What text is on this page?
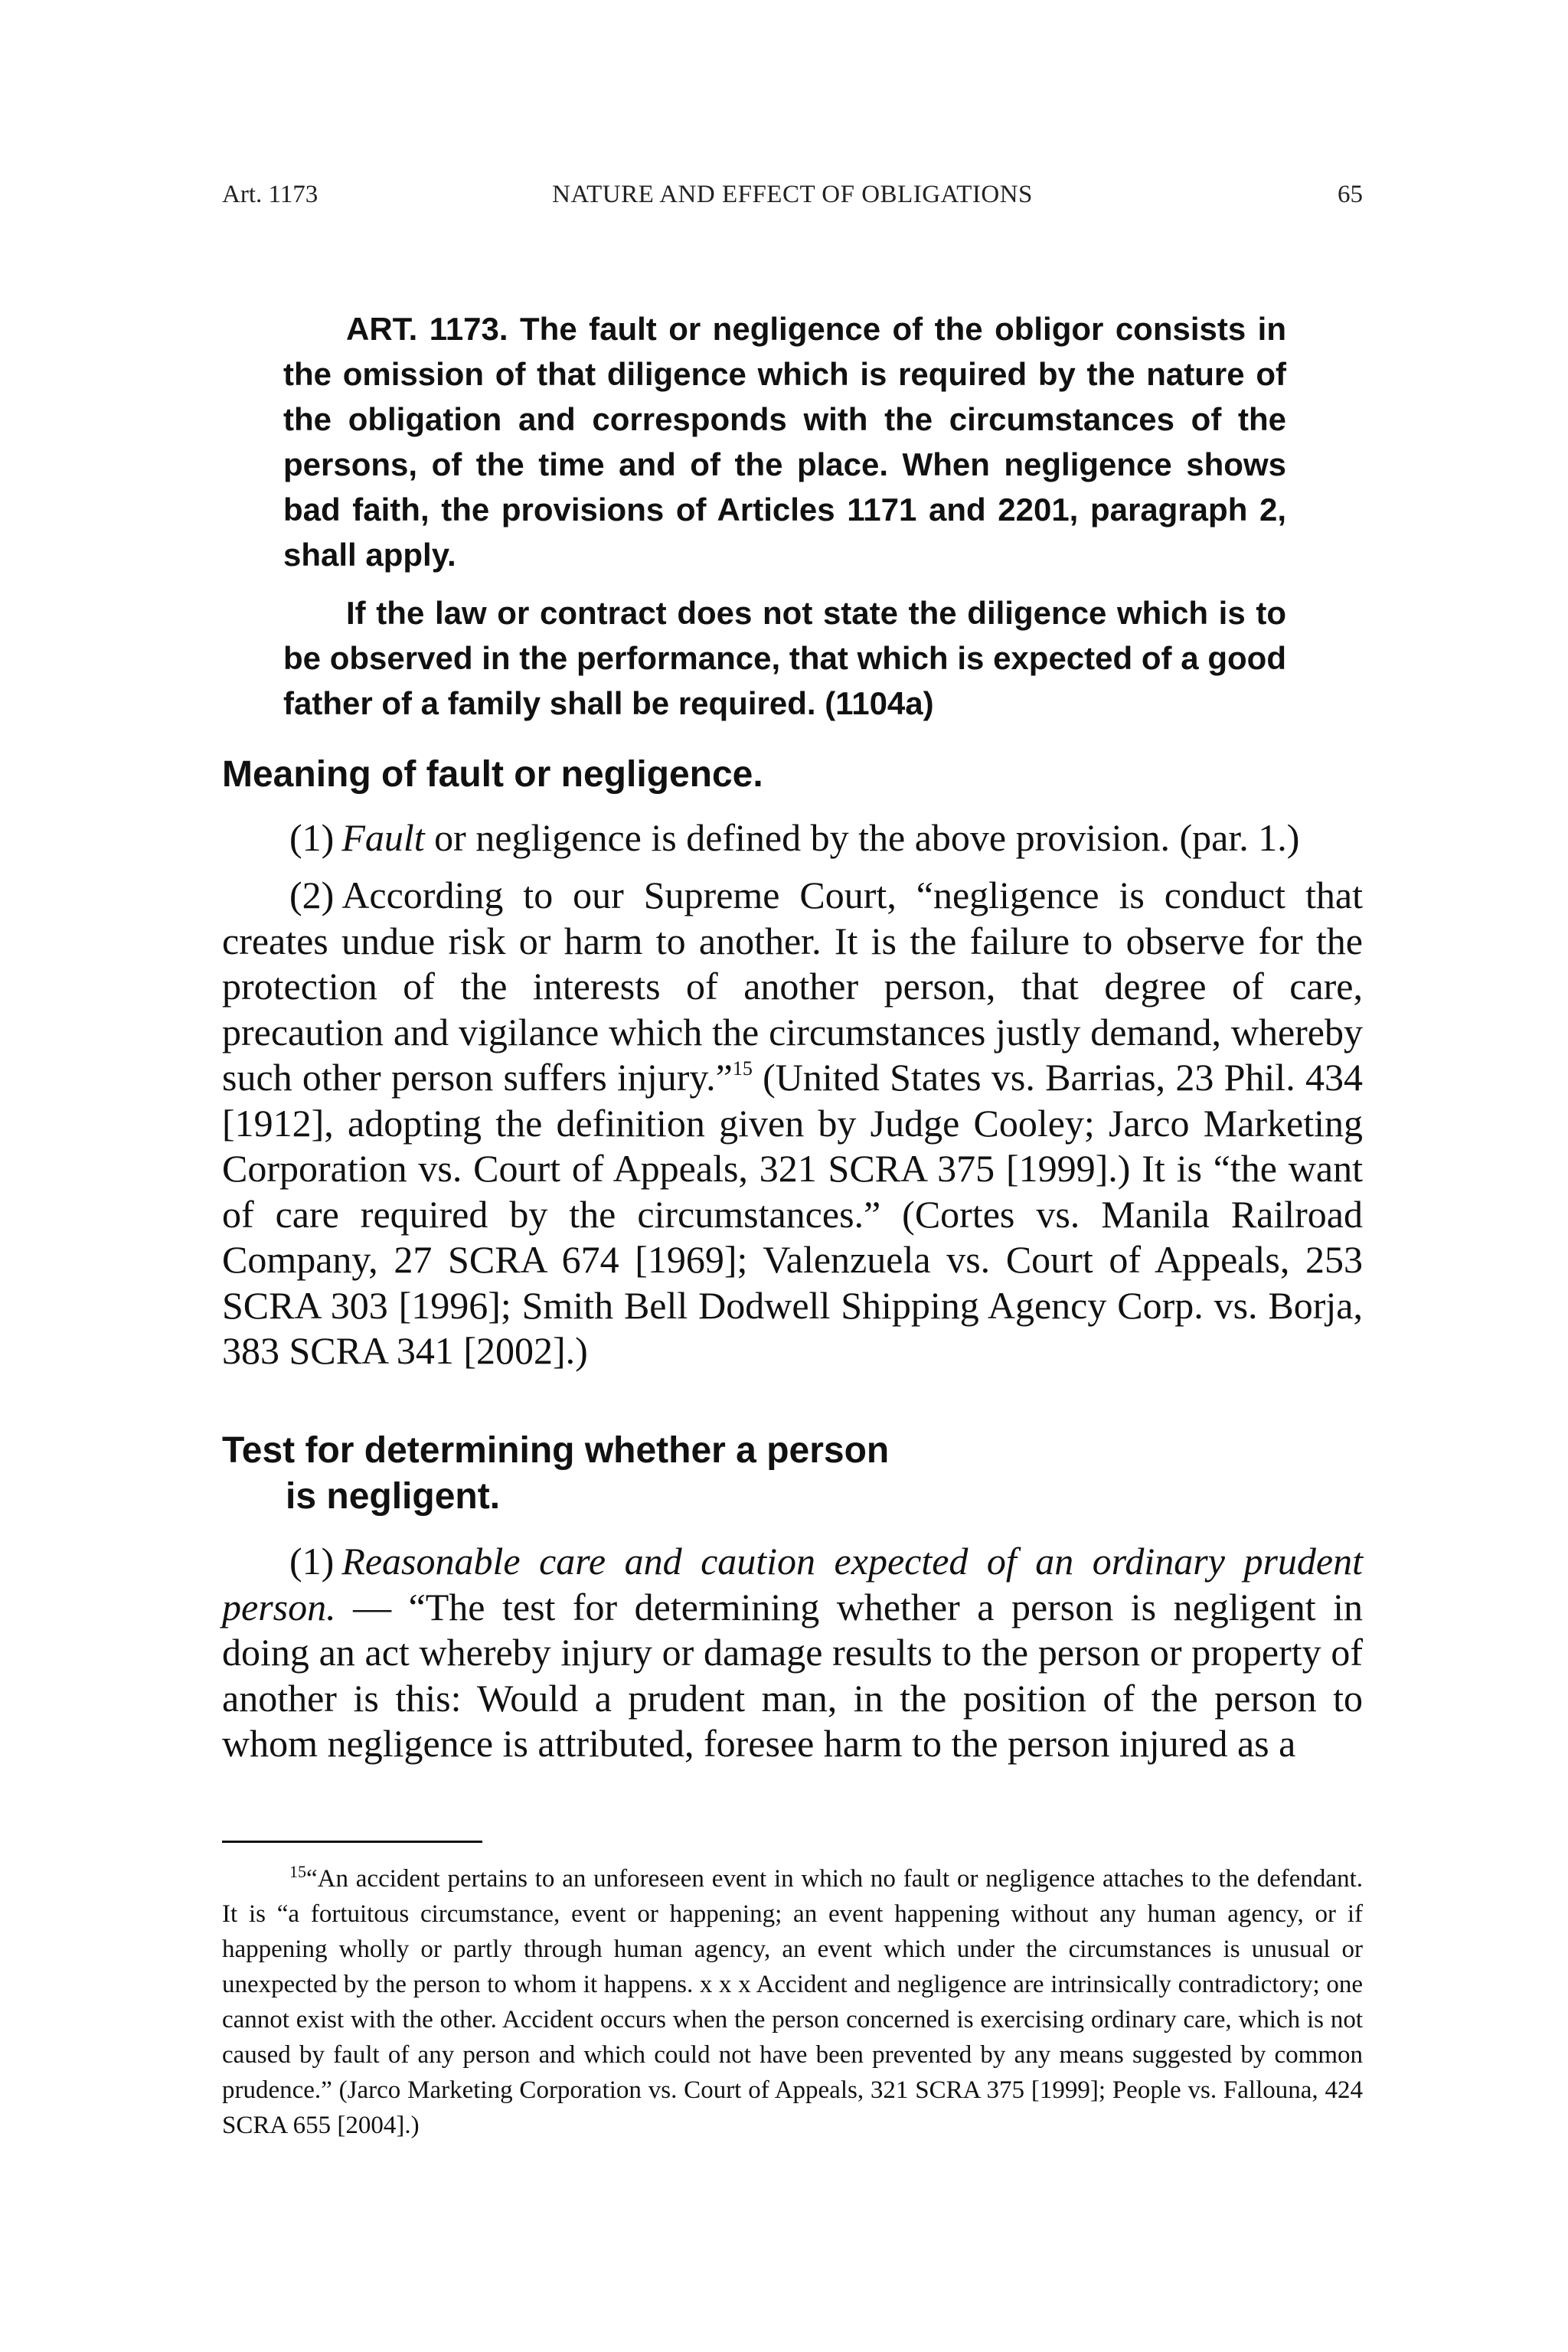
Art. 1173	NATURE AND EFFECT OF OBLIGATIONS	65

ART. 1173. The fault or negligence of the obligor consists in the omission of that diligence which is required by the nature of the obligation and corresponds with the circumstances of the persons, of the time and of the place. When negligence shows bad faith, the provisions of Articles 1171 and 2201, paragraph 2, shall apply.

If the law or contract does not state the diligence which is to be observed in the performance, that which is expected of a good father of a family shall be required. (1104a)

Meaning of fault or negligence.

(1) Fault or negligence is defined by the above provision. (par. 1.)

(2) According to our Supreme Court, “negligence is conduct that creates undue risk or harm to another. It is the failure to observe for the protection of the interests of another person, that degree of care, precaution and vigilance which the circumstances justly demand, whereby such other person suffers injury.”$^{15}$ (United States vs. Barrias, 23 Phil. 434 [1912], adopting the definition given by Judge Cooley; Jarco Marketing Corporation vs. Court of Appeals, 321 SCRA 375 [1999].) It is “the want of care required by the circumstances.” (Cortes vs. Manila Railroad Company, 27 SCRA 674 [1969]; Valenzuela vs. Court of Appeals, 253 SCRA 303 [1996]; Smith Bell Dodwell Shipping Agency Corp. vs. Borja, 383 SCRA 341 [2002].)

Test for determining whether a person
is negligent.

(1) Reasonable care and caution expected of an ordinary prudent person. — “The test for determining whether a person is negligent in doing an act whereby injury or damage results to the person or property of another is this: Would a prudent man, in the position of the person to whom negligence is attributed, foresee harm to the person injured as a

$^{15}$“An accident pertains to an unforeseen event in which no fault or negligence attaches to the defendant. It is “a fortuitous circumstance, event or happening; an event happening without any human agency, or if happening wholly or partly through human agency, an event which under the circumstances is unusual or unexpected by the person to whom it happens. x x x Accident and negligence are intrinsically contradictory; one cannot exist with the other. Accident occurs when the person concerned is exercising ordinary care, which is not caused by fault of any person and which could not have been prevented by any means suggested by common prudence.” (Jarco Marketing Corporation vs. Court of Appeals, 321 SCRA 375 [1999]; People vs. Fallouna, 424 SCRA 655 [2004].)
